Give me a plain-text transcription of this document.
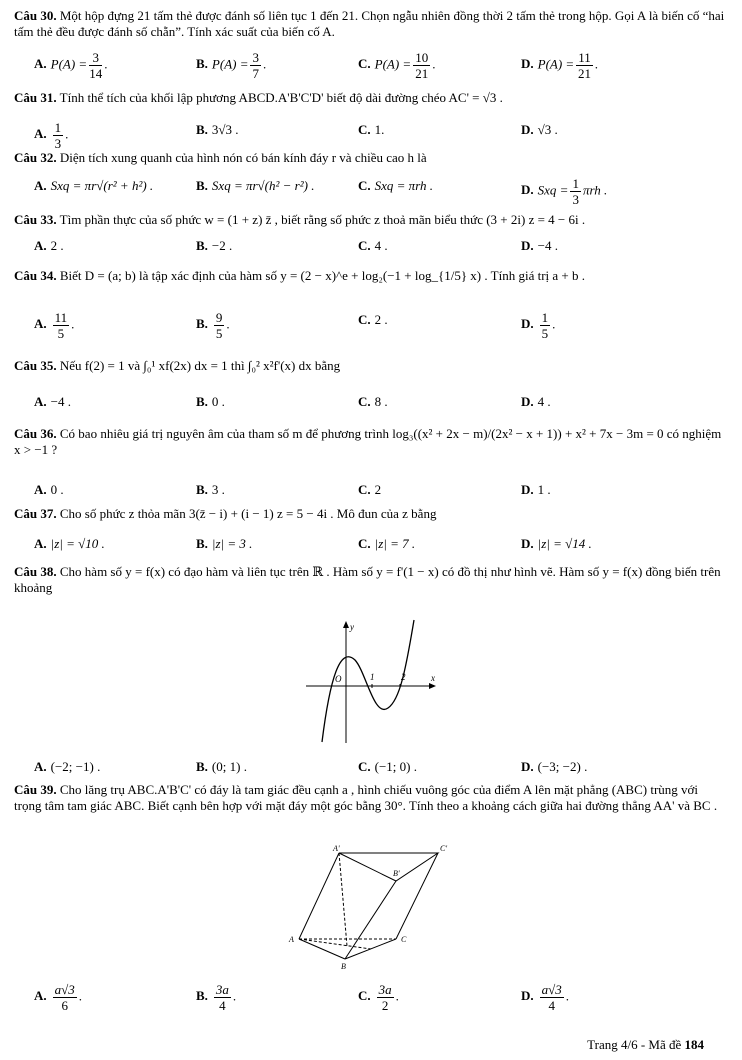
Câu 30. Một hộp đựng 21 tấm thẻ được đánh số liên tục 1 đến 21. Chọn ngẫu nhiên đồng thời 2 tấm thẻ trong hộp. Gọi A là biến cố “hai tấm thẻ đều được đánh số chẵn”. Tính xác suất của biến cố A.
A. $P(A) = \frac{3}{14}$ .	B. $P(A) = \frac{3}{7}$ .	C. $P(A) = \frac{10}{21}$ .	D. $P(A) = \frac{11}{21}$ .
Câu 31. Tính thể tích của khối lập phương ABCD.A'B'C'D' biết độ dài đường chéo AC' = √3 .
A. $\frac{1}{3}$ .	B. 3√3 .	C. 1.	D. √3 .
Câu 32. Diện tích xung quanh của hình nón có bán kính đáy r và chiều cao h là
A. Sxq = πr√(r² + h²) .	B. Sxq = πr√(h² − r²) .	C. Sxq = πrh .	D. Sxq = $\frac{1}{3}$ πrh .
Câu 33. Tìm phần thực của số phức w = (1 + z) z̄ , biết rằng số phức z thoả mãn biểu thức (3 + 2i) z = 4 − 6i .
A. 2 .	B. −2 .	C. 4 .	D. −4 .
Câu 34. Biết D = (a; b) là tập xác định của hàm số y = (2 − x)^e + log₂(−1 + log_{1/5} x) . Tính giá trị a + b .
A. $\frac{11}{5}$ .	B. $\frac{9}{5}$ .	C. 2 .	D. $\frac{1}{5}$ .
Câu 35. Nếu f(2) = 1 và ∫₀¹ xf(2x) dx = 1 thì ∫₀² x²f'(x) dx bằng
A. −4 .	B. 0 .	C. 8 .	D. 4 .
Câu 36. Có bao nhiêu giá trị nguyên âm của tham số m để phương trình log₃((x² + 2x − m)/(2x² − x + 1)) + x² + 7x − 3m = 0 có nghiệm x > −1 ?
A. 0 .	B. 3 .	C. 2	D. 1 .
Câu 37. Cho số phức z thỏa mãn 3(z̄ − i) + (i − 1) z = 5 − 4i . Mô đun của z bằng
A. |z| = √10 .	B. |z| = 3 .	C. |z| = 7 .	D. |z| = √14 .
Câu 38. Cho hàm số y = f(x) có đạo hàm và liên tục trên ℝ . Hàm số y = f'(1 − x) có đồ thị như hình vẽ. Hàm số y = f(x) đồng biến trên khoảng
y
x
O	1	2
A. (−2; −1) .	B. (0; 1) .	C. (−1; 0) .	D. (−3; −2) .
Câu 39. Cho lăng trụ ABC.A'B'C' có đáy là tam giác đều cạnh a , hình chiếu vuông góc của điểm A lên mặt phẳng (ABC) trùng với trọng tâm tam giác ABC. Biết cạnh bên hợp với mặt đáy một góc bằng 30°. Tính theo a khoảng cách giữa hai đường thẳng AA' và BC .
A'	C'
B'
A	C
B
A. $\frac{a√3}{6}$ .	B. $\frac{3a}{4}$ .	C. $\frac{3a}{2}$ .	D. $\frac{a√3}{4}$ .
Trang 4/6 - Mã đề 184
